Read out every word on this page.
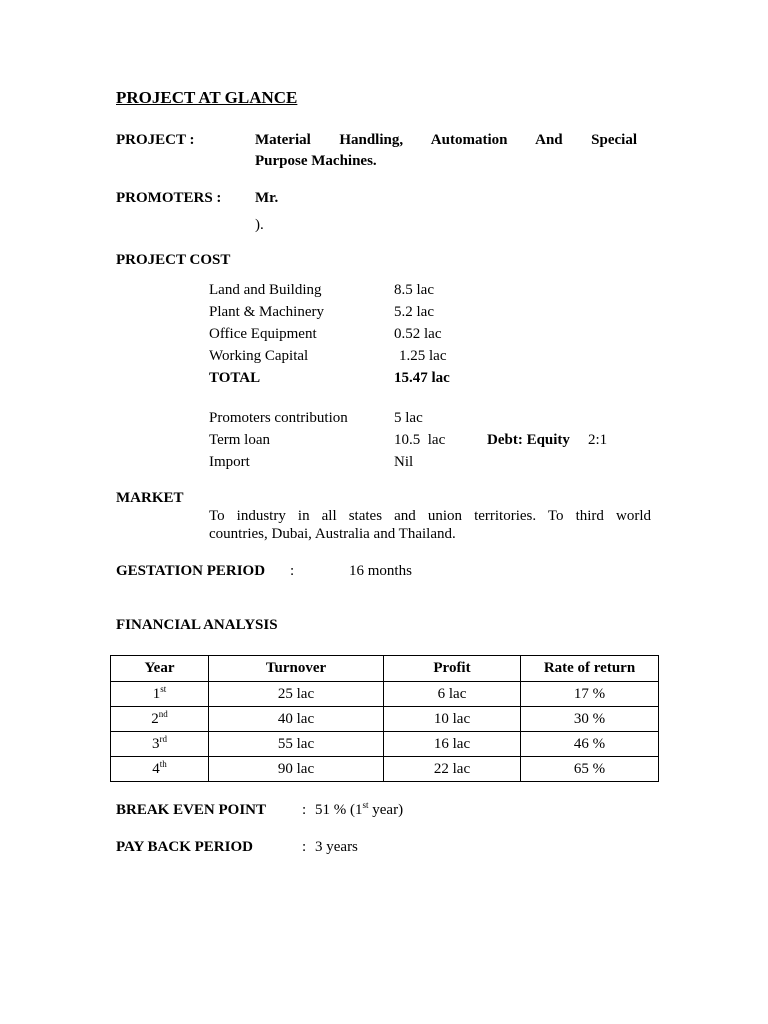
PROJECT AT GLANCE
PROJECT :	Material Handling, Automation And Special
Purpose Machines.
PROMOTERS : Mr.
).
PROJECT COST
Land and Building	8.5 lac
Plant & Machinery	5.2 lac
Office Equipment	0.52 lac
Working Capital	1.25 lac
TOTAL	15.47 lac
Promoters contribution	5 lac
Term loan	10.5  lac	Debt: Equity 2:1
Import	Nil
MARKET
To industry in all states and union territories. To third world
countries, Dubai, Australia and Thailand.
GESTATION PERIOD :	16 months
FINANCIAL ANALYSIS
Year	Turnover	Profit	Rate of return
1st	25 lac	6 lac	17 %
2nd	40 lac	10 lac	30 %
3rd	55 lac	16 lac	46 %
4th	90 lac	22 lac	65 %
BREAK EVEN POINT : 51 % (1st year)
PAY BACK PERIOD	: 3 years
